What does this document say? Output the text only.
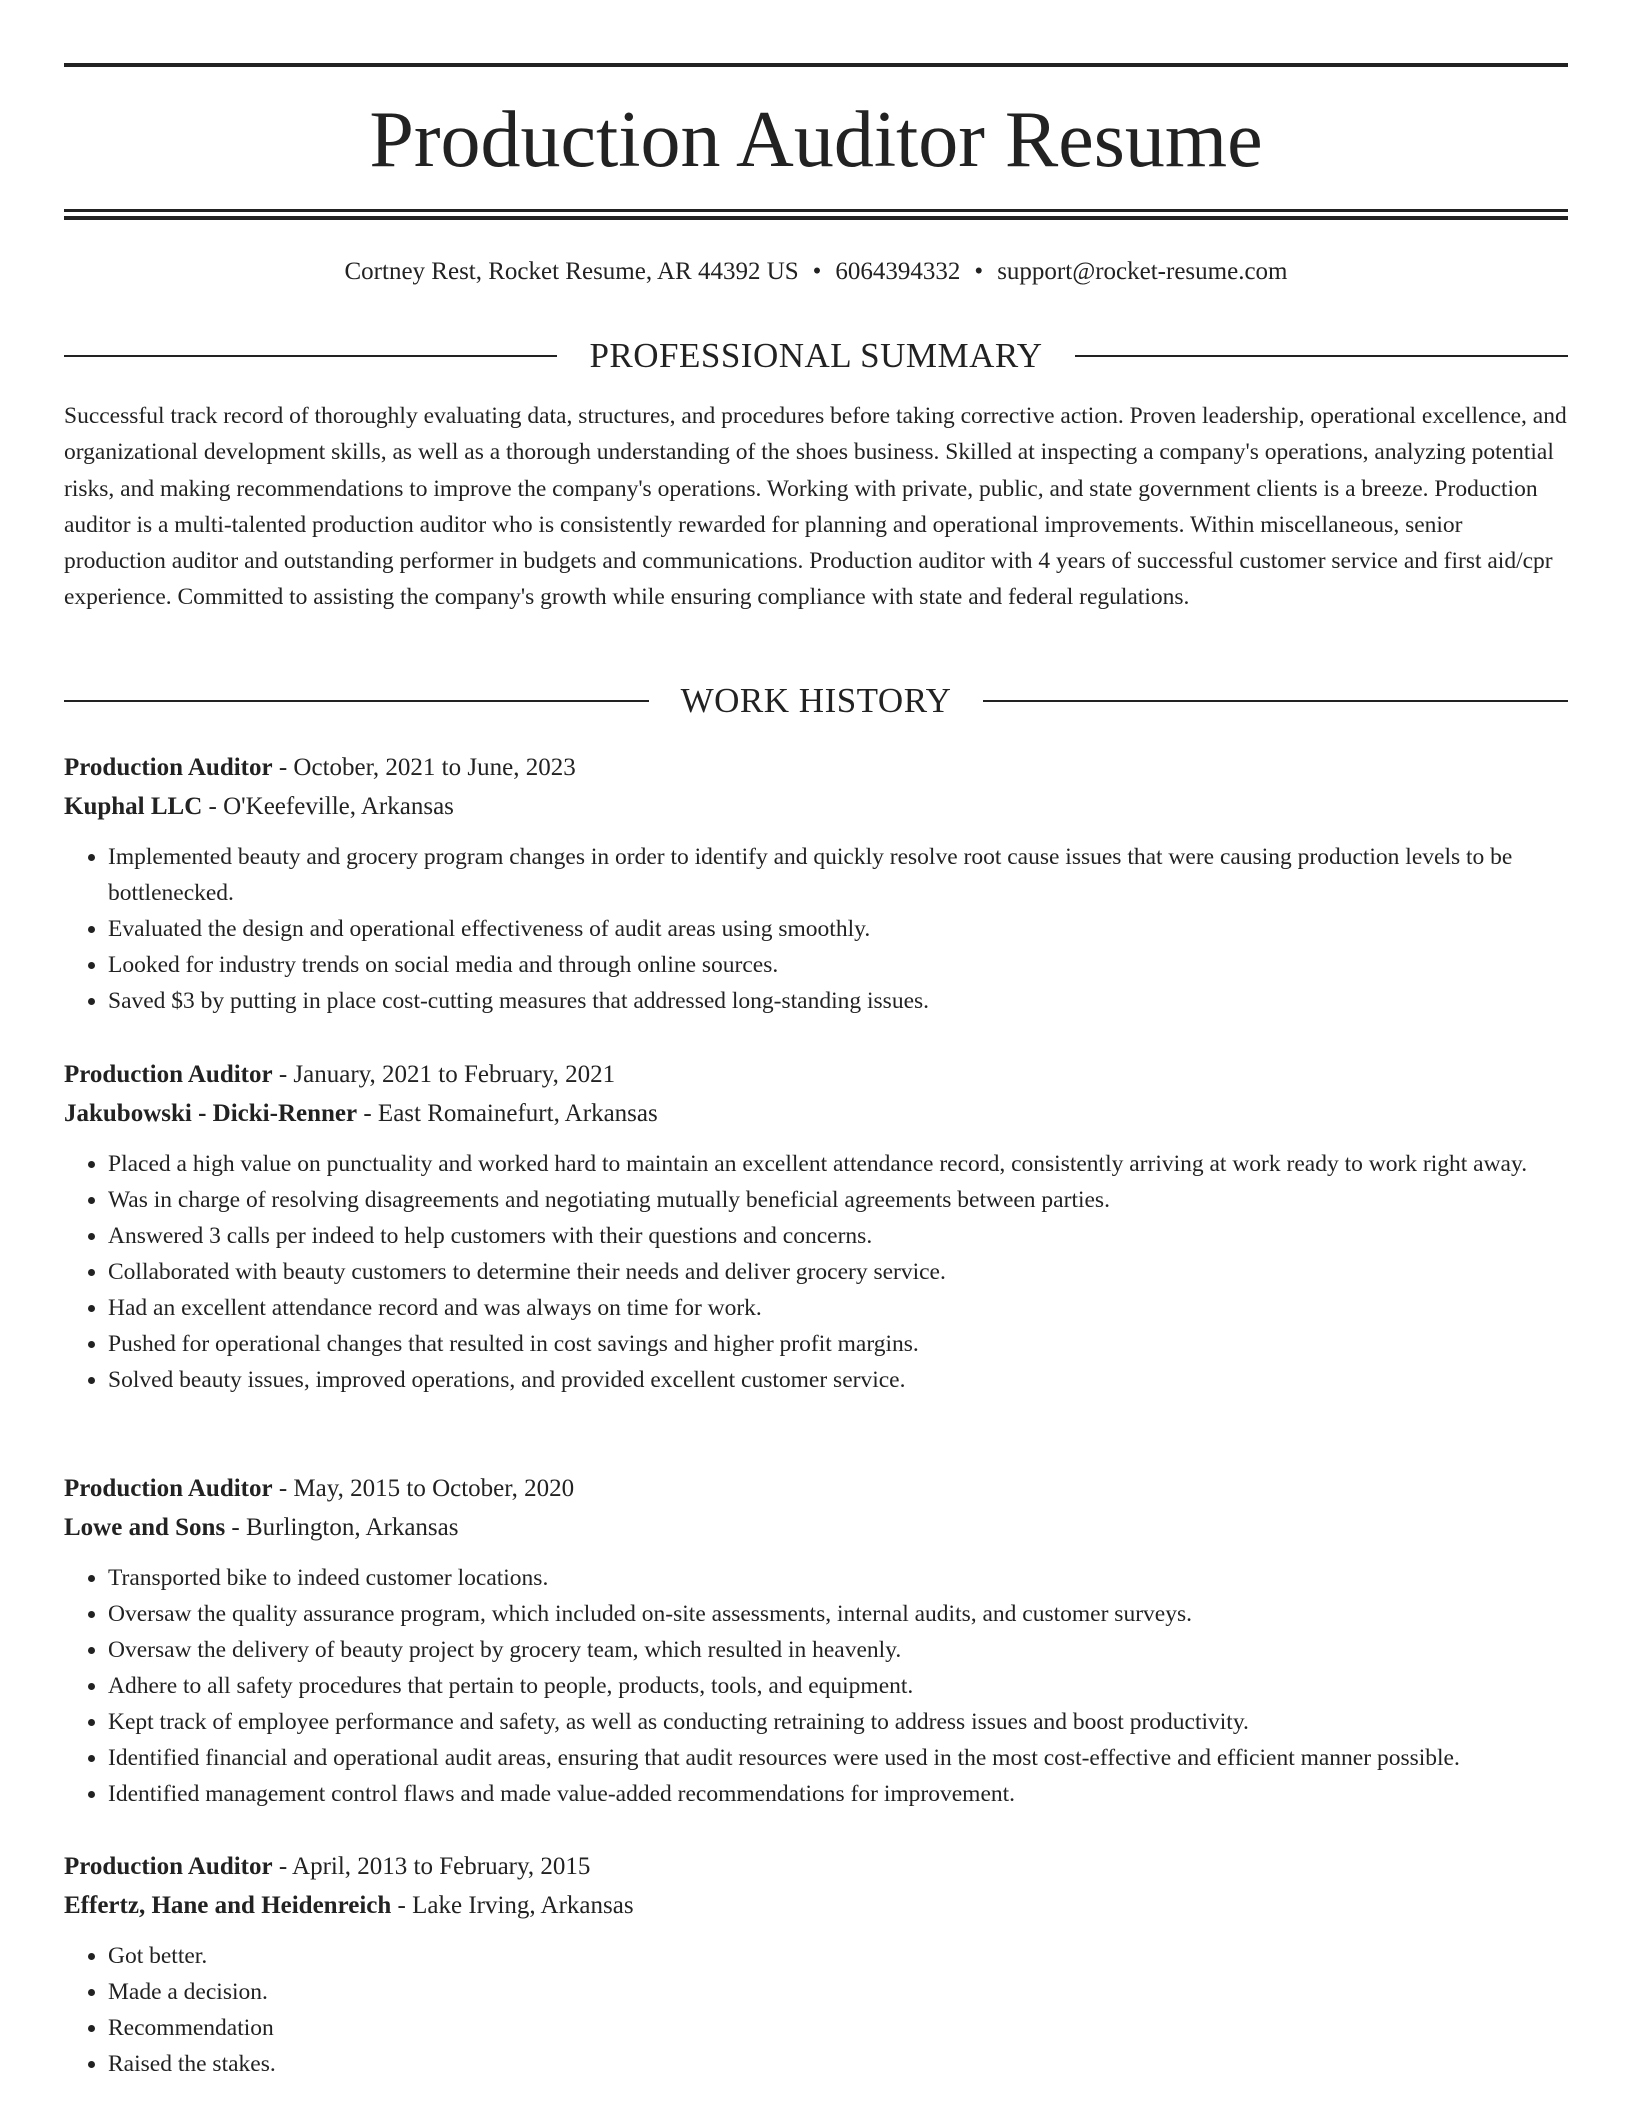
Production Auditor Resume
Cortney Rest, Rocket Resume, AR 44392 US • 6064394332 • support@rocket-resume.com
PROFESSIONAL SUMMARY

Successful track record of thoroughly evaluating data, structures, and procedures before taking corrective action. Proven leadership, operational excellence, and organizational development skills, as well as a thorough understanding of the shoes business. Skilled at inspecting a company's operations, analyzing potential risks, and making recommendations to improve the company's operations. Working with private, public, and state government clients is a breeze. Production auditor is a multi-talented production auditor who is consistently rewarded for planning and operational improvements. Within miscellaneous, senior production auditor and outstanding performer in budgets and communications. Production auditor with 4 years of successful customer service and first aid/cpr experience. Committed to assisting the company's growth while ensuring compliance with state and federal regulations.

WORK HISTORY
Production Auditor - October, 2021 to June, 2023
Kuphal LLC - O'Keefeville, Arkansas
• Implemented beauty and grocery program changes in order to identify and quickly resolve root cause issues that were causing production levels to be bottlenecked.
• Evaluated the design and operational effectiveness of audit areas using smoothly.
• Looked for industry trends on social media and through online sources.
• Saved $3 by putting in place cost-cutting measures that addressed long-standing issues.
Production Auditor - January, 2021 to February, 2021
Jakubowski - Dicki-Renner - East Romainefurt, Arkansas
• Placed a high value on punctuality and worked hard to maintain an excellent attendance record, consistently arriving at work ready to work right away.
• Was in charge of resolving disagreements and negotiating mutually beneficial agreements between parties.
• Answered 3 calls per indeed to help customers with their questions and concerns.
• Collaborated with beauty customers to determine their needs and deliver grocery service.
• Had an excellent attendance record and was always on time for work.
• Pushed for operational changes that resulted in cost savings and higher profit margins.
• Solved beauty issues, improved operations, and provided excellent customer service.
Production Auditor - May, 2015 to October, 2020
Lowe and Sons - Burlington, Arkansas
• Transported bike to indeed customer locations.
• Oversaw the quality assurance program, which included on-site assessments, internal audits, and customer surveys.
• Oversaw the delivery of beauty project by grocery team, which resulted in heavenly.
• Adhere to all safety procedures that pertain to people, products, tools, and equipment.
• Kept track of employee performance and safety, as well as conducting retraining to address issues and boost productivity.
• Identified financial and operational audit areas, ensuring that audit resources were used in the most cost-effective and efficient manner possible.
• Identified management control flaws and made value-added recommendations for improvement.
Production Auditor - April, 2013 to February, 2015
Effertz, Hane and Heidenreich - Lake Irving, Arkansas
• Got better.
• Made a decision.
• Recommendation
• Raised the stakes.
